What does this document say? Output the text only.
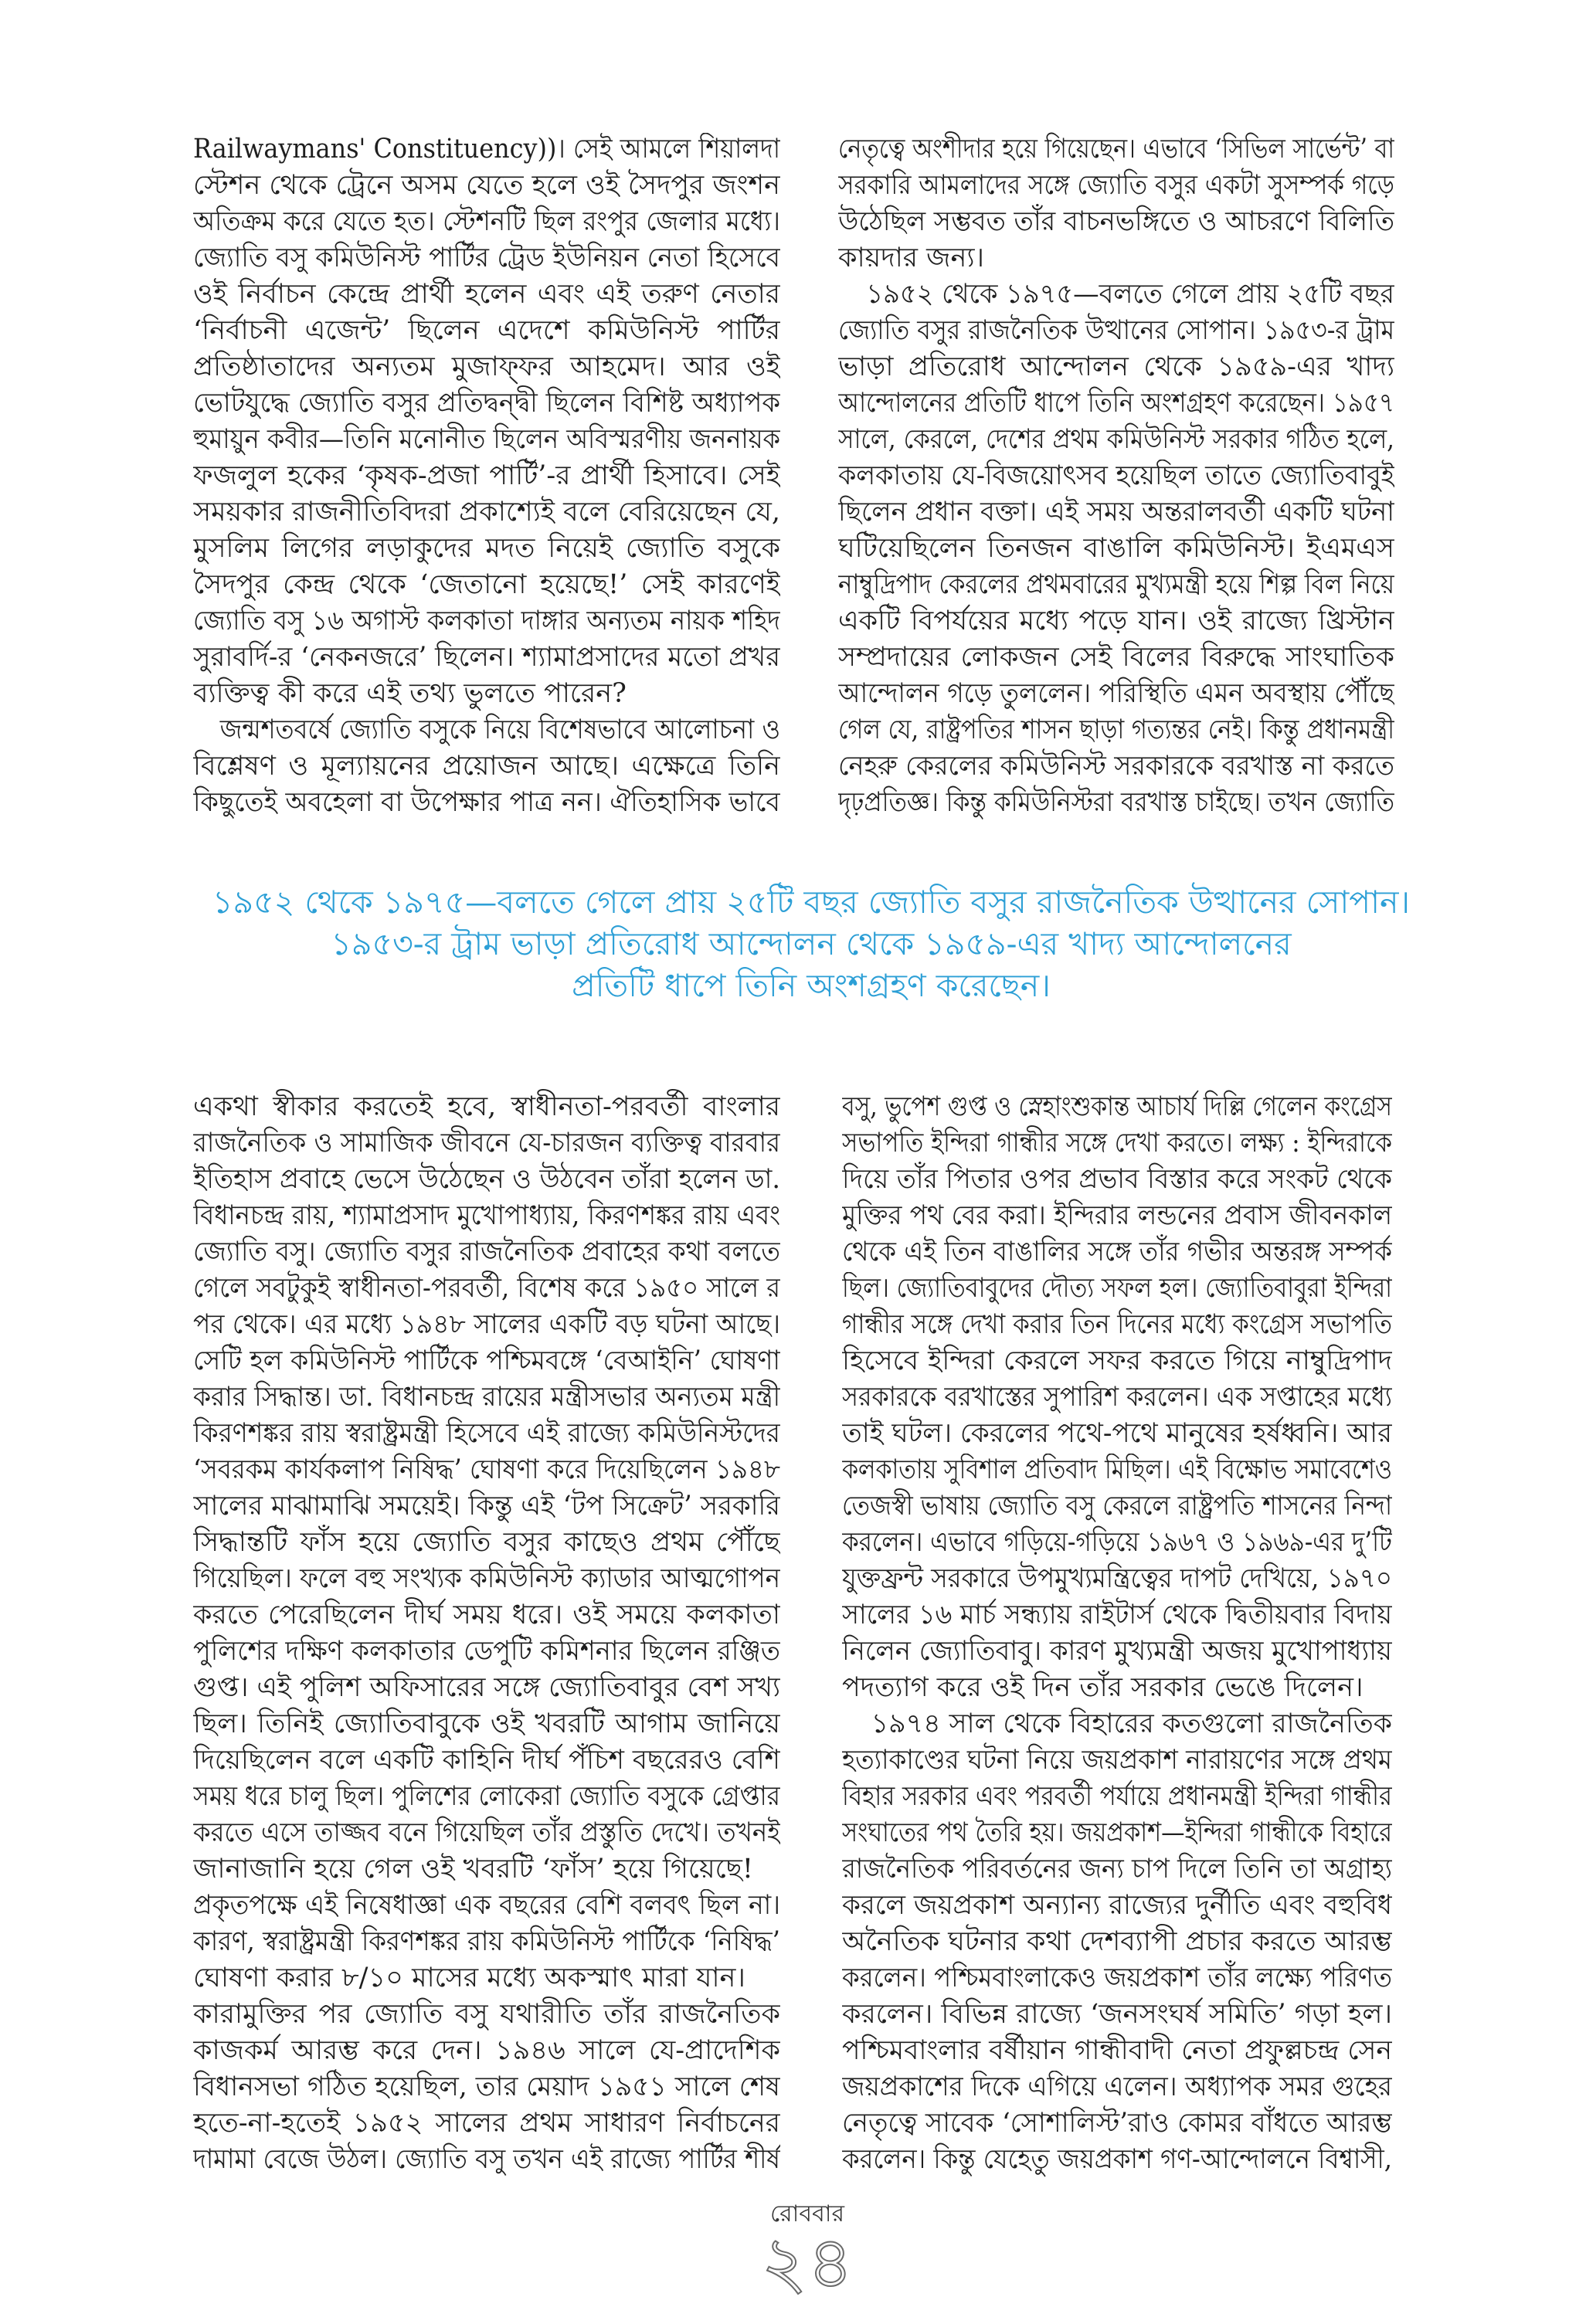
Railwaymans' Constituency))। সেই আমলে শিয়ালদা
স্টেশন থেকে ট্রেনে অসম যেতে হলে ওই সৈদপুর জংশন
অতিক্রম করে যেতে হত। স্টেশনটি ছিল রংপুর জেলার মধ্যে।
জ্যোতি বসু কমিউনিস্ট পার্টির ট্রেড ইউনিয়ন নেতা হিসেবে
ওই নির্বাচন কেন্দ্রে প্রার্থী হলেন এবং এই তরুণ নেতার
‘নির্বাচনী এজেন্ট’ ছিলেন এদেশে কমিউনিস্ট পার্টির
প্রতিষ্ঠাতাদের অন্যতম মুজাফ্ফর আহমেদ। আর ওই
ভোটযুদ্ধে জ্যোতি বসুর প্রতিদ্বন্দ্বী ছিলেন বিশিষ্ট অধ্যাপক
হুমায়ুন কবীর—তিনি মনোনীত ছিলেন অবিস্মরণীয় জননায়ক
ফজলুল হকের ‘কৃষক-প্রজা পার্টি’-র প্রার্থী হিসাবে। সেই
সময়কার রাজনীতিবিদরা প্রকাশ্যেই বলে বেরিয়েছেন যে,
মুসলিম লিগের লড়াকুদের মদত নিয়েই জ্যোতি বসুকে
সৈদপুর কেন্দ্র থেকে ‘জেতানো হয়েছে!’ সেই কারণেই
জ্যোতি বসু ১৬ অগাস্ট কলকাতা দাঙ্গার অন্যতম নায়ক শহিদ
সুরাবর্দি-র ‘নেকনজরে’ ছিলেন। শ্যামাপ্রসাদের মতো প্রখর
ব্যক্তিত্ব কী করে এই তথ্য ভুলতে পারেন?
জন্মশতবর্ষে জ্যোতি বসুকে নিয়ে বিশেষভাবে আলোচনা ও
বিশ্লেষণ ও মূল্যায়নের প্রয়োজন আছে। এক্ষেত্রে তিনি
কিছুতেই অবহেলা বা উপেক্ষার পাত্র নন। ঐতিহাসিক ভাবে
নেতৃত্বে অংশীদার হয়ে গিয়েছেন। এভাবে ‘সিভিল সার্ভেন্ট’ বা
সরকারি আমলাদের সঙ্গে জ্যোতি বসুর একটা সুসম্পর্ক গড়ে
উঠেছিল সম্ভবত তাঁর বাচনভঙ্গিতে ও আচরণে বিলিতি
কায়দার জন্য।
১৯৫২ থেকে ১৯৭৫—বলতে গেলে প্রায় ২৫টি বছর
জ্যোতি বসুর রাজনৈতিক উত্থানের সোপান। ১৯৫৩-র ট্রাম
ভাড়া প্রতিরোধ আন্দোলন থেকে ১৯৫৯-এর খাদ্য
আন্দোলনের প্রতিটি ধাপে তিনি অংশগ্রহণ করেছেন। ১৯৫৭
সালে, কেরলে, দেশের প্রথম কমিউনিস্ট সরকার গঠিত হলে,
কলকাতায় যে-বিজয়োৎসব হয়েছিল তাতে জ্যোতিবাবুই
ছিলেন প্রধান বক্তা। এই সময় অন্তরালবর্তী একটি ঘটনা
ঘটিয়েছিলেন তিনজন বাঙালি কমিউনিস্ট। ইএমএস
নাম্বুদ্রিপাদ কেরলের প্রথমবারের মুখ্যমন্ত্রী হয়ে শিল্প বিল নিয়ে
একটি বিপর্যয়ের মধ্যে পড়ে যান। ওই রাজ্যে খ্রিস্টান
সম্প্রদায়ের লোকজন সেই বিলের বিরুদ্ধে সাংঘাতিক
আন্দোলন গড়ে তুললেন। পরিস্থিতি এমন অবস্থায় পৌঁছে
গেল যে, রাষ্ট্রপতির শাসন ছাড়া গত্যন্তর নেই। কিন্তু প্রধানমন্ত্রী
নেহরু কেরলের কমিউনিস্ট সরকারকে বরখাস্ত না করতে
দৃঢ়প্রতিজ্ঞ। কিন্তু কমিউনিস্টরা বরখাস্ত চাইছে। তখন জ্যোতি
১৯৫২ থেকে ১৯৭৫—বলতে গেলে প্রায় ২৫টি বছর জ্যোতি বসুর রাজনৈতিক উত্থানের সোপান।
১৯৫৩-র ট্রাম ভাড়া প্রতিরোধ আন্দোলন থেকে ১৯৫৯-এর খাদ্য আন্দোলনের
প্রতিটি ধাপে তিনি অংশগ্রহণ করেছেন।
একথা স্বীকার করতেই হবে, স্বাধীনতা-পরবর্তী বাংলার
রাজনৈতিক ও সামাজিক জীবনে যে-চারজন ব্যক্তিত্ব বারবার
ইতিহাস প্রবাহে ভেসে উঠেছেন ও উঠবেন তাঁরা হলেন ডা.
বিধানচন্দ্র রায়, শ্যামাপ্রসাদ মুখোপাধ্যায়, কিরণশঙ্কর রায় এবং
জ্যোতি বসু। জ্যোতি বসুর রাজনৈতিক প্রবাহের কথা বলতে
গেলে সবটুকুই স্বাধীনতা-পরবর্তী, বিশেষ করে ১৯৫০ সালে র
পর থেকে। এর মধ্যে ১৯৪৮ সালের একটি বড় ঘটনা আছে।
সেটি হল কমিউনিস্ট পার্টিকে পশ্চিমবঙ্গে ‘বেআইনি’ ঘোষণা
করার সিদ্ধান্ত। ডা. বিধানচন্দ্র রায়ের মন্ত্রীসভার অন্যতম মন্ত্রী
কিরণশঙ্কর রায় স্বরাষ্ট্রমন্ত্রী হিসেবে এই রাজ্যে কমিউনিস্টদের
‘সবরকম কার্যকলাপ নিষিদ্ধ’ ঘোষণা করে দিয়েছিলেন ১৯৪৮
সালের মাঝামাঝি সময়েই। কিন্তু এই ‘টপ সিক্রেট’ সরকারি
সিদ্ধান্তটি ফাঁস হয়ে জ্যোতি বসুর কাছেও প্রথম পৌঁছে
গিয়েছিল। ফলে বহু সংখ্যক কমিউনিস্ট ক্যাডার আত্মগোপন
করতে পেরেছিলেন দীর্ঘ সময় ধরে। ওই সময়ে কলকাতা
পুলিশের দক্ষিণ কলকাতার ডেপুটি কমিশনার ছিলেন রঞ্জিত
গুপ্ত। এই পুলিশ অফিসারের সঙ্গে জ্যোতিবাবুর বেশ সখ্য
ছিল। তিনিই জ্যোতিবাবুকে ওই খবরটি আগাম জানিয়ে
দিয়েছিলেন বলে একটি কাহিনি দীর্ঘ পঁচিশ বছরেরও বেশি
সময় ধরে চালু ছিল। পুলিশের লোকেরা জ্যোতি বসুকে গ্রেপ্তার
করতে এসে তাজ্জব বনে গিয়েছিল তাঁর প্রস্তুতি দেখে। তখনই
জানাজানি হয়ে গেল ওই খবরটি ‘ফাঁস’ হয়ে গিয়েছে!
প্রকৃতপক্ষে এই নিষেধাজ্ঞা এক বছরের বেশি বলবৎ ছিল না।
কারণ, স্বরাষ্ট্রমন্ত্রী কিরণশঙ্কর রায় কমিউনিস্ট পার্টিকে ‘নিষিদ্ধ’
ঘোষণা করার ৮/১০ মাসের মধ্যে অকস্মাৎ মারা যান।
কারামুক্তির পর জ্যোতি বসু যথারীতি তাঁর রাজনৈতিক
কাজকর্ম আরম্ভ করে দেন। ১৯৪৬ সালে যে-প্রাদেশিক
বিধানসভা গঠিত হয়েছিল, তার মেয়াদ ১৯৫১ সালে শেষ
হতে-না-হতেই ১৯৫২ সালের প্রথম সাধারণ নির্বাচনের
দামামা বেজে উঠল। জ্যোতি বসু তখন এই রাজ্যে পার্টির শীর্ষ
বসু, ভুপেশ গুপ্ত ও স্নেহাংশুকান্ত আচার্য দিল্লি গেলেন কংগ্রেস
সভাপতি ইন্দিরা গান্ধীর সঙ্গে দেখা করতে। লক্ষ্য : ইন্দিরাকে
দিয়ে তাঁর পিতার ওপর প্রভাব বিস্তার করে সংকট থেকে
মুক্তির পথ বের করা। ইন্দিরার লন্ডনের প্রবাস জীবনকাল
থেকে এই তিন বাঙালির সঙ্গে তাঁর গভীর অন্তরঙ্গ সম্পর্ক
ছিল। জ্যোতিবাবুদের দৌত্য সফল হল। জ্যোতিবাবুরা ইন্দিরা
গান্ধীর সঙ্গে দেখা করার তিন দিনের মধ্যে কংগ্রেস সভাপতি
হিসেবে ইন্দিরা কেরলে সফর করতে গিয়ে নাম্বুদ্রিপাদ
সরকারকে বরখাস্তের সুপারিশ করলেন। এক সপ্তাহের মধ্যে
তাই ঘটল। কেরলের পথে-পথে মানুষের হর্ষধ্বনি। আর
কলকাতায় সুবিশাল প্রতিবাদ মিছিল। এই বিক্ষোভ সমাবেশেও
তেজস্বী ভাষায় জ্যোতি বসু কেরলে রাষ্ট্রপতি শাসনের নিন্দা
করলেন। এভাবে গড়িয়ে-গড়িয়ে ১৯৬৭ ও ১৯৬৯-এর দু’টি
যুক্তফ্রন্ট সরকারে উপমুখ্যমন্ত্রিত্বের দাপট দেখিয়ে, ১৯৭০
সালের ১৬ মার্চ সন্ধ্যায় রাইটার্স থেকে দ্বিতীয়বার বিদায়
নিলেন জ্যোতিবাবু। কারণ মুখ্যমন্ত্রী অজয় মুখোপাধ্যায়
পদত্যাগ করে ওই দিন তাঁর সরকার ভেঙে দিলেন।
১৯৭৪ সাল থেকে বিহারের কতগুলো রাজনৈতিক
হত্যাকাণ্ডের ঘটনা নিয়ে জয়প্রকাশ নারায়ণের সঙ্গে প্রথম
বিহার সরকার এবং পরবর্তী পর্যায়ে প্রধানমন্ত্রী ইন্দিরা গান্ধীর
সংঘাতের পথ তৈরি হয়। জয়প্রকাশ—ইন্দিরা গান্ধীকে বিহারে
রাজনৈতিক পরিবর্তনের জন্য চাপ দিলে তিনি তা অগ্রাহ্য
করলে জয়প্রকাশ অন্যান্য রাজ্যের দুর্নীতি এবং বহুবিধ
অনৈতিক ঘটনার কথা দেশব্যাপী প্রচার করতে আরম্ভ
করলেন। পশ্চিমবাংলাকেও জয়প্রকাশ তাঁর লক্ষ্যে পরিণত
করলেন। বিভিন্ন রাজ্যে ‘জনসংঘর্ষ সমিতি’ গড়া হল।
পশ্চিমবাংলার বর্ষীয়ান গান্ধীবাদী নেতা প্রফুল্লচন্দ্র সেন
জয়প্রকাশের দিকে এগিয়ে এলেন। অধ্যাপক সমর গুহের
নেতৃত্বে সাবেক ‘সোশালিস্ট’রাও কোমর বাঁধতে আরম্ভ
করলেন। কিন্তু যেহেতু জয়প্রকাশ গণ-আন্দোলনে বিশ্বাসী,
রোববার
২৪
